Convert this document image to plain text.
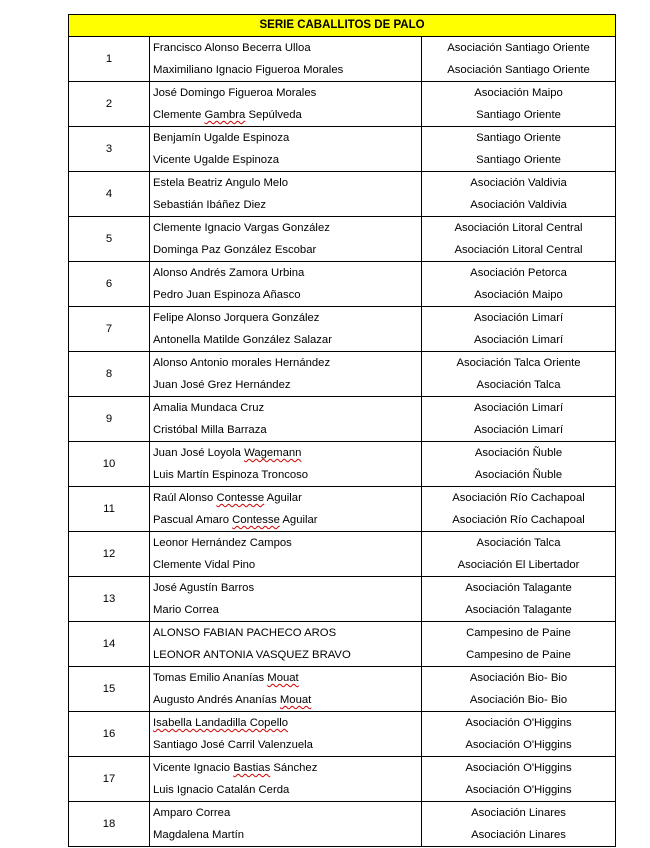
SERIE CABALLITOS DE PALO		
1	Francisco Alonso Becerra Ulloa	Asociación Santiago Oriente
	Maximiliano Ignacio Figueroa Morales	Asociación Santiago Oriente
2	José Domingo Figueroa Morales	Asociación Maipo
	Clemente Gambra Sepúlveda	Santiago Oriente
3	Benjamín Ugalde Espinoza	Santiago Oriente
	Vicente Ugalde Espinoza	Santiago Oriente
4	Estela Beatriz Angulo Melo	Asociación Valdivia
	Sebastián Ibáñez Diez	Asociación Valdivia
5	Clemente Ignacio Vargas González	Asociación Litoral Central
	Dominga Paz González Escobar	Asociación Litoral Central
6	Alonso Andrés Zamora Urbina	Asociación Petorca
	Pedro Juan Espinoza Añasco	Asociación Maipo
7	Felipe Alonso Jorquera González	Asociación Limarí
	Antonella Matilde González Salazar	Asociación Limarí
8	Alonso Antonio morales Hernández	Asociación Talca Oriente
	Juan José Grez Hernández	Asociación Talca
9	Amalia Mundaca Cruz	Asociación Limarí
	Cristóbal Milla Barraza	Asociación Limarí
10	Juan José Loyola Wagemann	Asociación Ñuble
	Luis Martín Espinoza Troncoso	Asociación Ñuble
11	Raúl Alonso Contesse Aguilar	Asociación Río Cachapoal
	Pascual Amaro Contesse Aguilar	Asociación Río Cachapoal
12	Leonor Hernández Campos	Asociación Talca
	Clemente Vidal Pino	Asociación El Libertador
13	José Agustín Barros	Asociación Talagante
	Mario Correa	Asociación Talagante
14	ALONSO FABIAN PACHECO AROS	Campesino de Paine
	LEONOR ANTONIA VASQUEZ BRAVO	Campesino de Paine
15	Tomas Emilio Ananías Mouat	Asociación Bio- Bio
	Augusto Andrés Ananías Mouat	Asociación Bio- Bio
16	Isabella Landadilla Copello	Asociación O'Higgins
	Santiago José Carril Valenzuela	Asociación O'Higgins
17	Vicente Ignacio Bastias Sánchez	Asociación O'Higgins
	Luis Ignacio Catalán Cerda	Asociación O'Higgins
18	Amparo Correa	Asociación Linares
	Magdalena Martín	Asociación Linares
